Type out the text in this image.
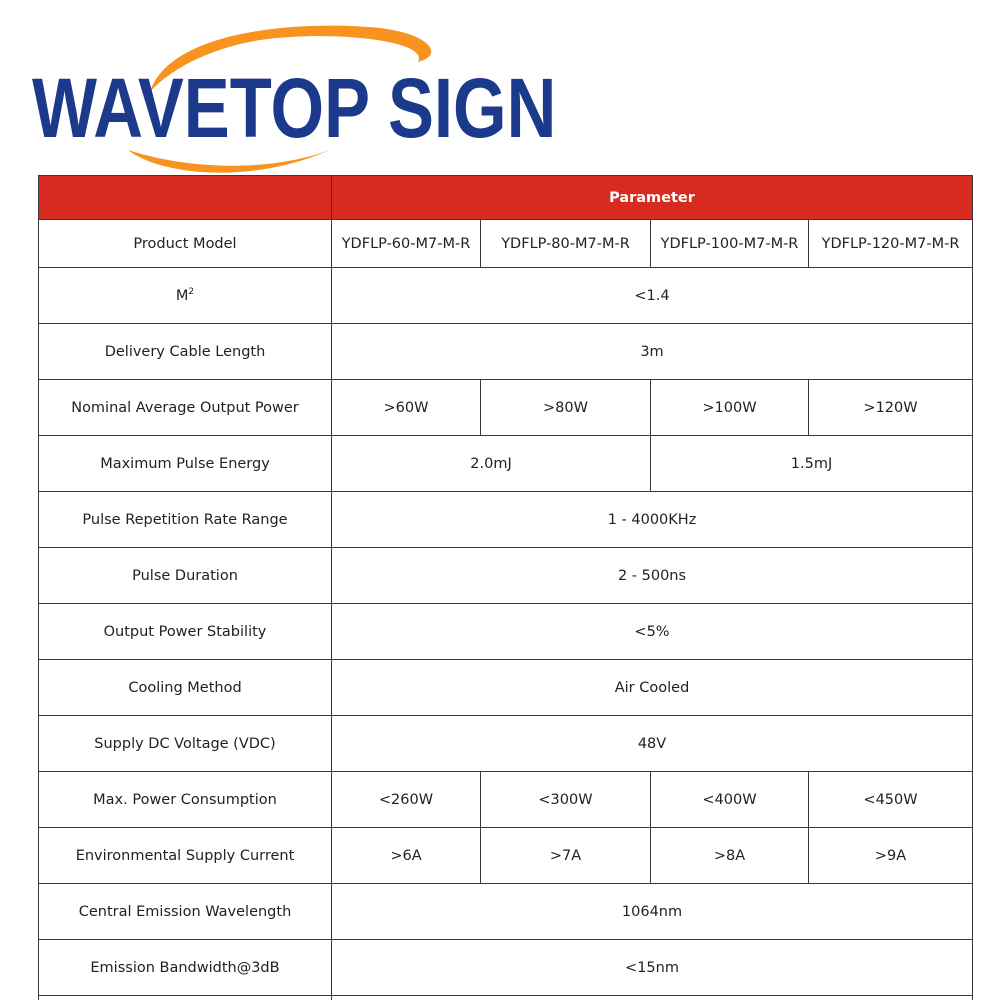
WAVETOP SIGN
	Parameter			
Product Model	YDFLP-60-M7-M-R	YDFLP-80-M7-M-R	YDFLP-100-M7-M-R	YDFLP-120-M7-M-R
$M^2$	<1.4			
Delivery Cable Length	3m			
Nominal Average Output Power	>60W	>80W	>100W	>120W
Maximum Pulse Energy	2.0mJ		1.5mJ	
Pulse Repetition Rate Range	1 - 4000KHz			
Pulse Duration	2 - 500ns			
Output Power Stability	<5%			
Cooling Method	Air Cooled			
Supply DC Voltage (VDC)	48V			
Max. Power Consumption	<260W	<300W	<400W	<450W
Environmental Supply Current	>6A	>7A	>8A	>9A
Central Emission Wavelength	1064nm			
Emission Bandwidth@3dB	<15nm			
